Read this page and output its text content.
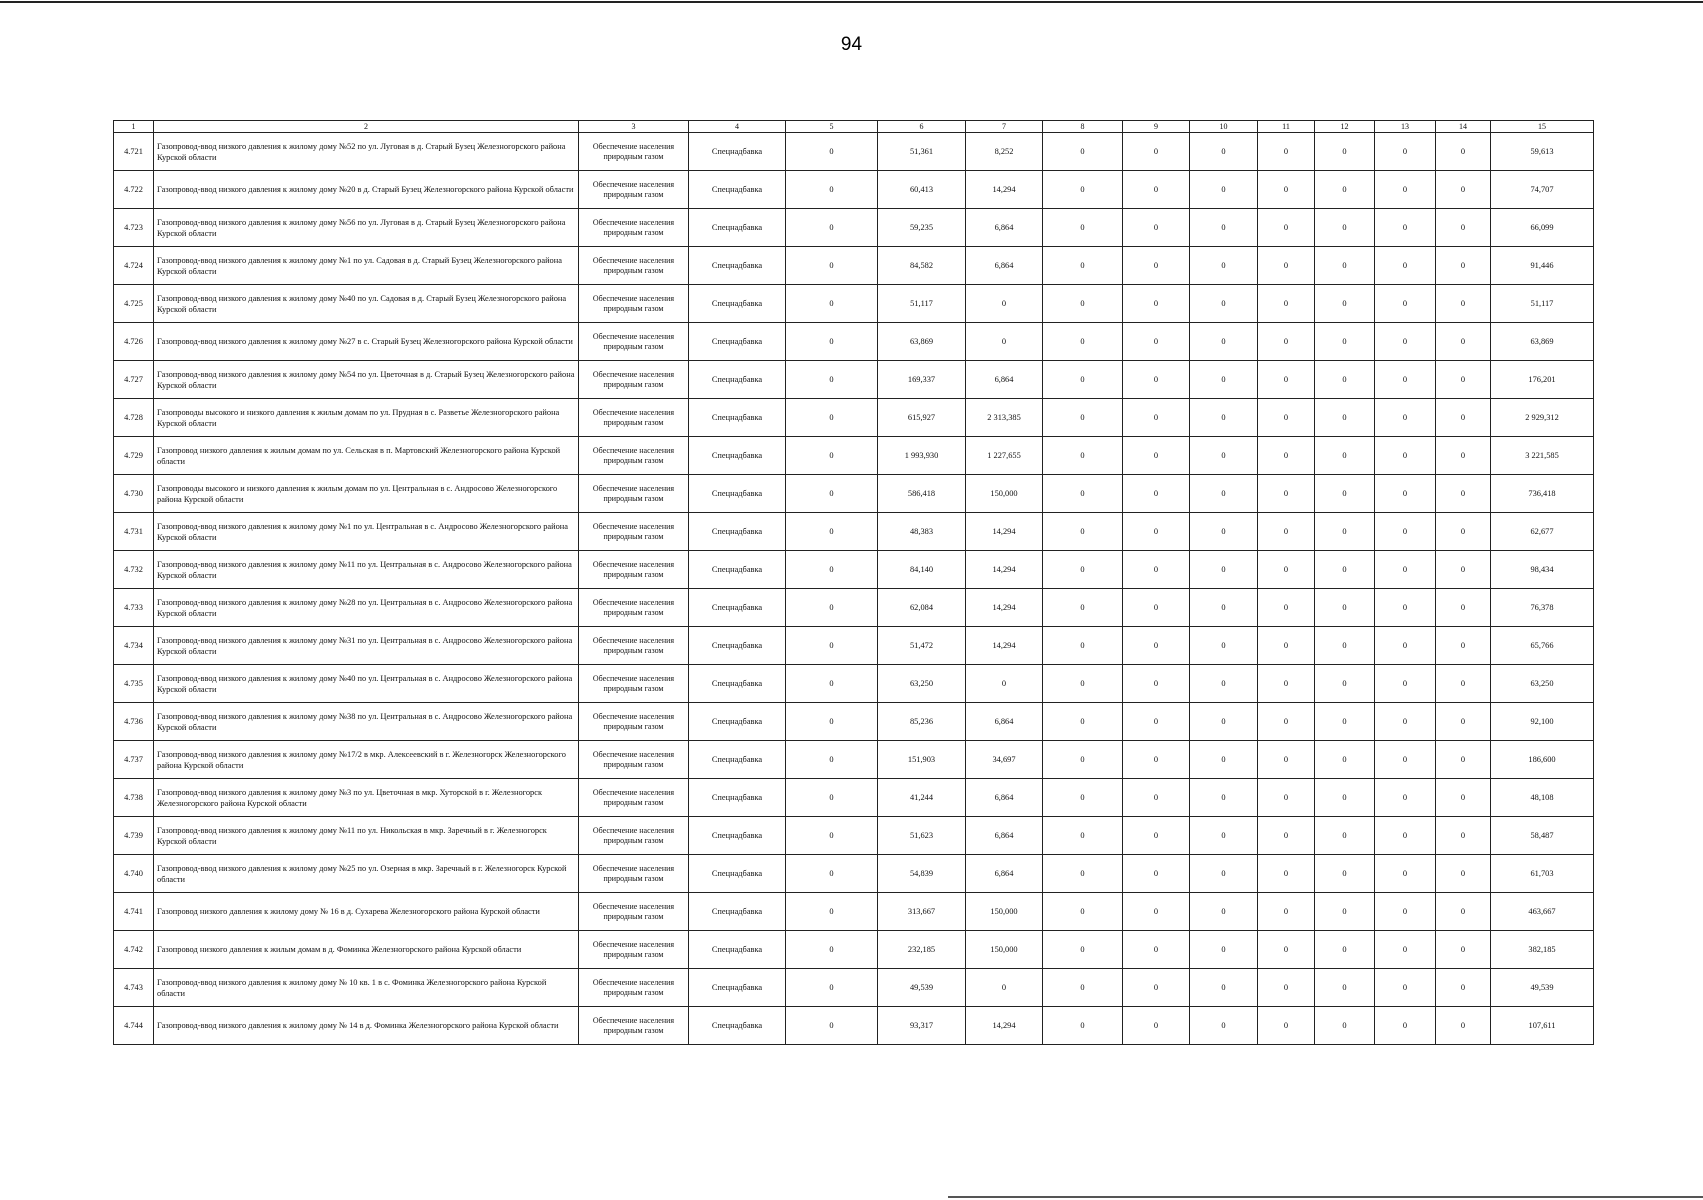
94
1	2	3	4	5	6	7	8	9	10	11	12	13	14	15
4.721	Газопровод-ввод низкого давления к жилому дому №52 по ул. Луговая в д. Старый Бузец Железногорского района Курской области	Обеспечение населения природным газом	Спецнадбавка	0	51,361	8,252	0	0	0	0	0	0	0	59,613
4.722	Газопровод-ввод низкого давления к жилому дому №20 в д. Старый Бузец Железногорского района Курской области	Обеспечение населения природным газом	Спецнадбавка	0	60,413	14,294	0	0	0	0	0	0	0	74,707
4.723	Газопровод-ввод низкого давления к жилому дому №56 по ул. Луговая в д. Старый Бузец Железногорского района Курской области	Обеспечение населения природным газом	Спецнадбавка	0	59,235	6,864	0	0	0	0	0	0	0	66,099
4.724	Газопровод-ввод низкого давления к жилому дому №1 по ул. Садовая в д. Старый Бузец Железногорского района Курской области	Обеспечение населения природным газом	Спецнадбавка	0	84,582	6,864	0	0	0	0	0	0	0	91,446
4.725	Газопровод-ввод низкого давления к жилому дому №40 по ул. Садовая в д. Старый Бузец Железногорского района Курской области	Обеспечение населения природным газом	Спецнадбавка	0	51,117	0	0	0	0	0	0	0	0	51,117
4.726	Газопровод-ввод низкого давления к жилому дому №27 в с. Старый Бузец Железногорского района Курской области	Обеспечение населения природным газом	Спецнадбавка	0	63,869	0	0	0	0	0	0	0	0	63,869
4.727	Газопровод-ввод низкого давления к жилому дому №54 по ул. Цветочная в д. Старый Бузец Железногорского района Курской области	Обеспечение населения природным газом	Спецнадбавка	0	169,337	6,864	0	0	0	0	0	0	0	176,201
4.728	Газопроводы высокого и низкого давления к жилым домам по ул. Прудная в с. Разветье Железногорского района Курской области	Обеспечение населения природным газом	Спецнадбавка	0	615,927	2 313,385	0	0	0	0	0	0	0	2 929,312
4.729	Газопровод низкого давления к жилым домам по ул. Сельская в п. Мартовский Железногорского района Курской области	Обеспечение населения природным газом	Спецнадбавка	0	1 993,930	1 227,655	0	0	0	0	0	0	0	3 221,585
4.730	Газопроводы высокого и низкого давления к жилым домам по ул. Центральная в с. Андросово Железногорского района Курской области	Обеспечение населения природным газом	Спецнадбавка	0	586,418	150,000	0	0	0	0	0	0	0	736,418
4.731	Газопровод-ввод низкого давления к жилому дому №1 по ул. Центральная в с. Андросово Железногорского района Курской области	Обеспечение населения природным газом	Спецнадбавка	0	48,383	14,294	0	0	0	0	0	0	0	62,677
4.732	Газопровод-ввод низкого давления к жилому дому №11 по ул. Центральная в с. Андросово Железногорского района Курской области	Обеспечение населения природным газом	Спецнадбавка	0	84,140	14,294	0	0	0	0	0	0	0	98,434
4.733	Газопровод-ввод низкого давления к жилому дому №28 по ул. Центральная в с. Андросово Железногорского района Курской области	Обеспечение населения природным газом	Спецнадбавка	0	62,084	14,294	0	0	0	0	0	0	0	76,378
4.734	Газопровод-ввод низкого давления к жилому дому №31 по ул. Центральная в с. Андросово Железногорского района Курской области	Обеспечение населения природным газом	Спецнадбавка	0	51,472	14,294	0	0	0	0	0	0	0	65,766
4.735	Газопровод-ввод низкого давления к жилому дому №40 по ул. Центральная в с. Андросово Железногорского района Курской области	Обеспечение населения природным газом	Спецнадбавка	0	63,250	0	0	0	0	0	0	0	0	63,250
4.736	Газопровод-ввод низкого давления к жилому дому №38 по ул. Центральная в с. Андросово Железногорского района Курской области	Обеспечение населения природным газом	Спецнадбавка	0	85,236	6,864	0	0	0	0	0	0	0	92,100
4.737	Газопровод-ввод низкого давления к жилому дому №17/2 в мкр. Алексеевский в г. Железногорск Железногорского района Курской области	Обеспечение населения природным газом	Спецнадбавка	0	151,903	34,697	0	0	0	0	0	0	0	186,600
4.738	Газопровод-ввод низкого давления к жилому дому №3 по ул. Цветочная в мкр. Хуторской в г. Железногорск Железногорского района Курской области	Обеспечение населения природным газом	Спецнадбавка	0	41,244	6,864	0	0	0	0	0	0	0	48,108
4.739	Газопровод-ввод низкого давления к жилому дому №11 по ул. Никольская в мкр. Заречный в г. Железногорск Курской области	Обеспечение населения природным газом	Спецнадбавка	0	51,623	6,864	0	0	0	0	0	0	0	58,487
4.740	Газопровод-ввод низкого давления к жилому дому №25 по ул. Озерная в мкр. Заречный в г. Железногорск Курской области	Обеспечение населения природным газом	Спецнадбавка	0	54,839	6,864	0	0	0	0	0	0	0	61,703
4.741	Газопровод низкого давления к жилому дому № 16 в д. Сухарева Железногорского района Курской области	Обеспечение населения природным газом	Спецнадбавка	0	313,667	150,000	0	0	0	0	0	0	0	463,667
4.742	Газопровод низкого давления к жилым домам в д. Фоминка Железногорского района Курской области	Обеспечение населения природным газом	Спецнадбавка	0	232,185	150,000	0	0	0	0	0	0	0	382,185
4.743	Газопровод-ввод низкого давления к жилому дому № 10 кв. 1 в с. Фоминка Железногорского района Курской области	Обеспечение населения природным газом	Спецнадбавка	0	49,539	0	0	0	0	0	0	0	0	49,539
4.744	Газопровод-ввод низкого давления к жилому дому № 14 в д. Фоминка Железногорского района Курской области	Обеспечение населения природным газом	Спецнадбавка	0	93,317	14,294	0	0	0	0	0	0	0	107,611
